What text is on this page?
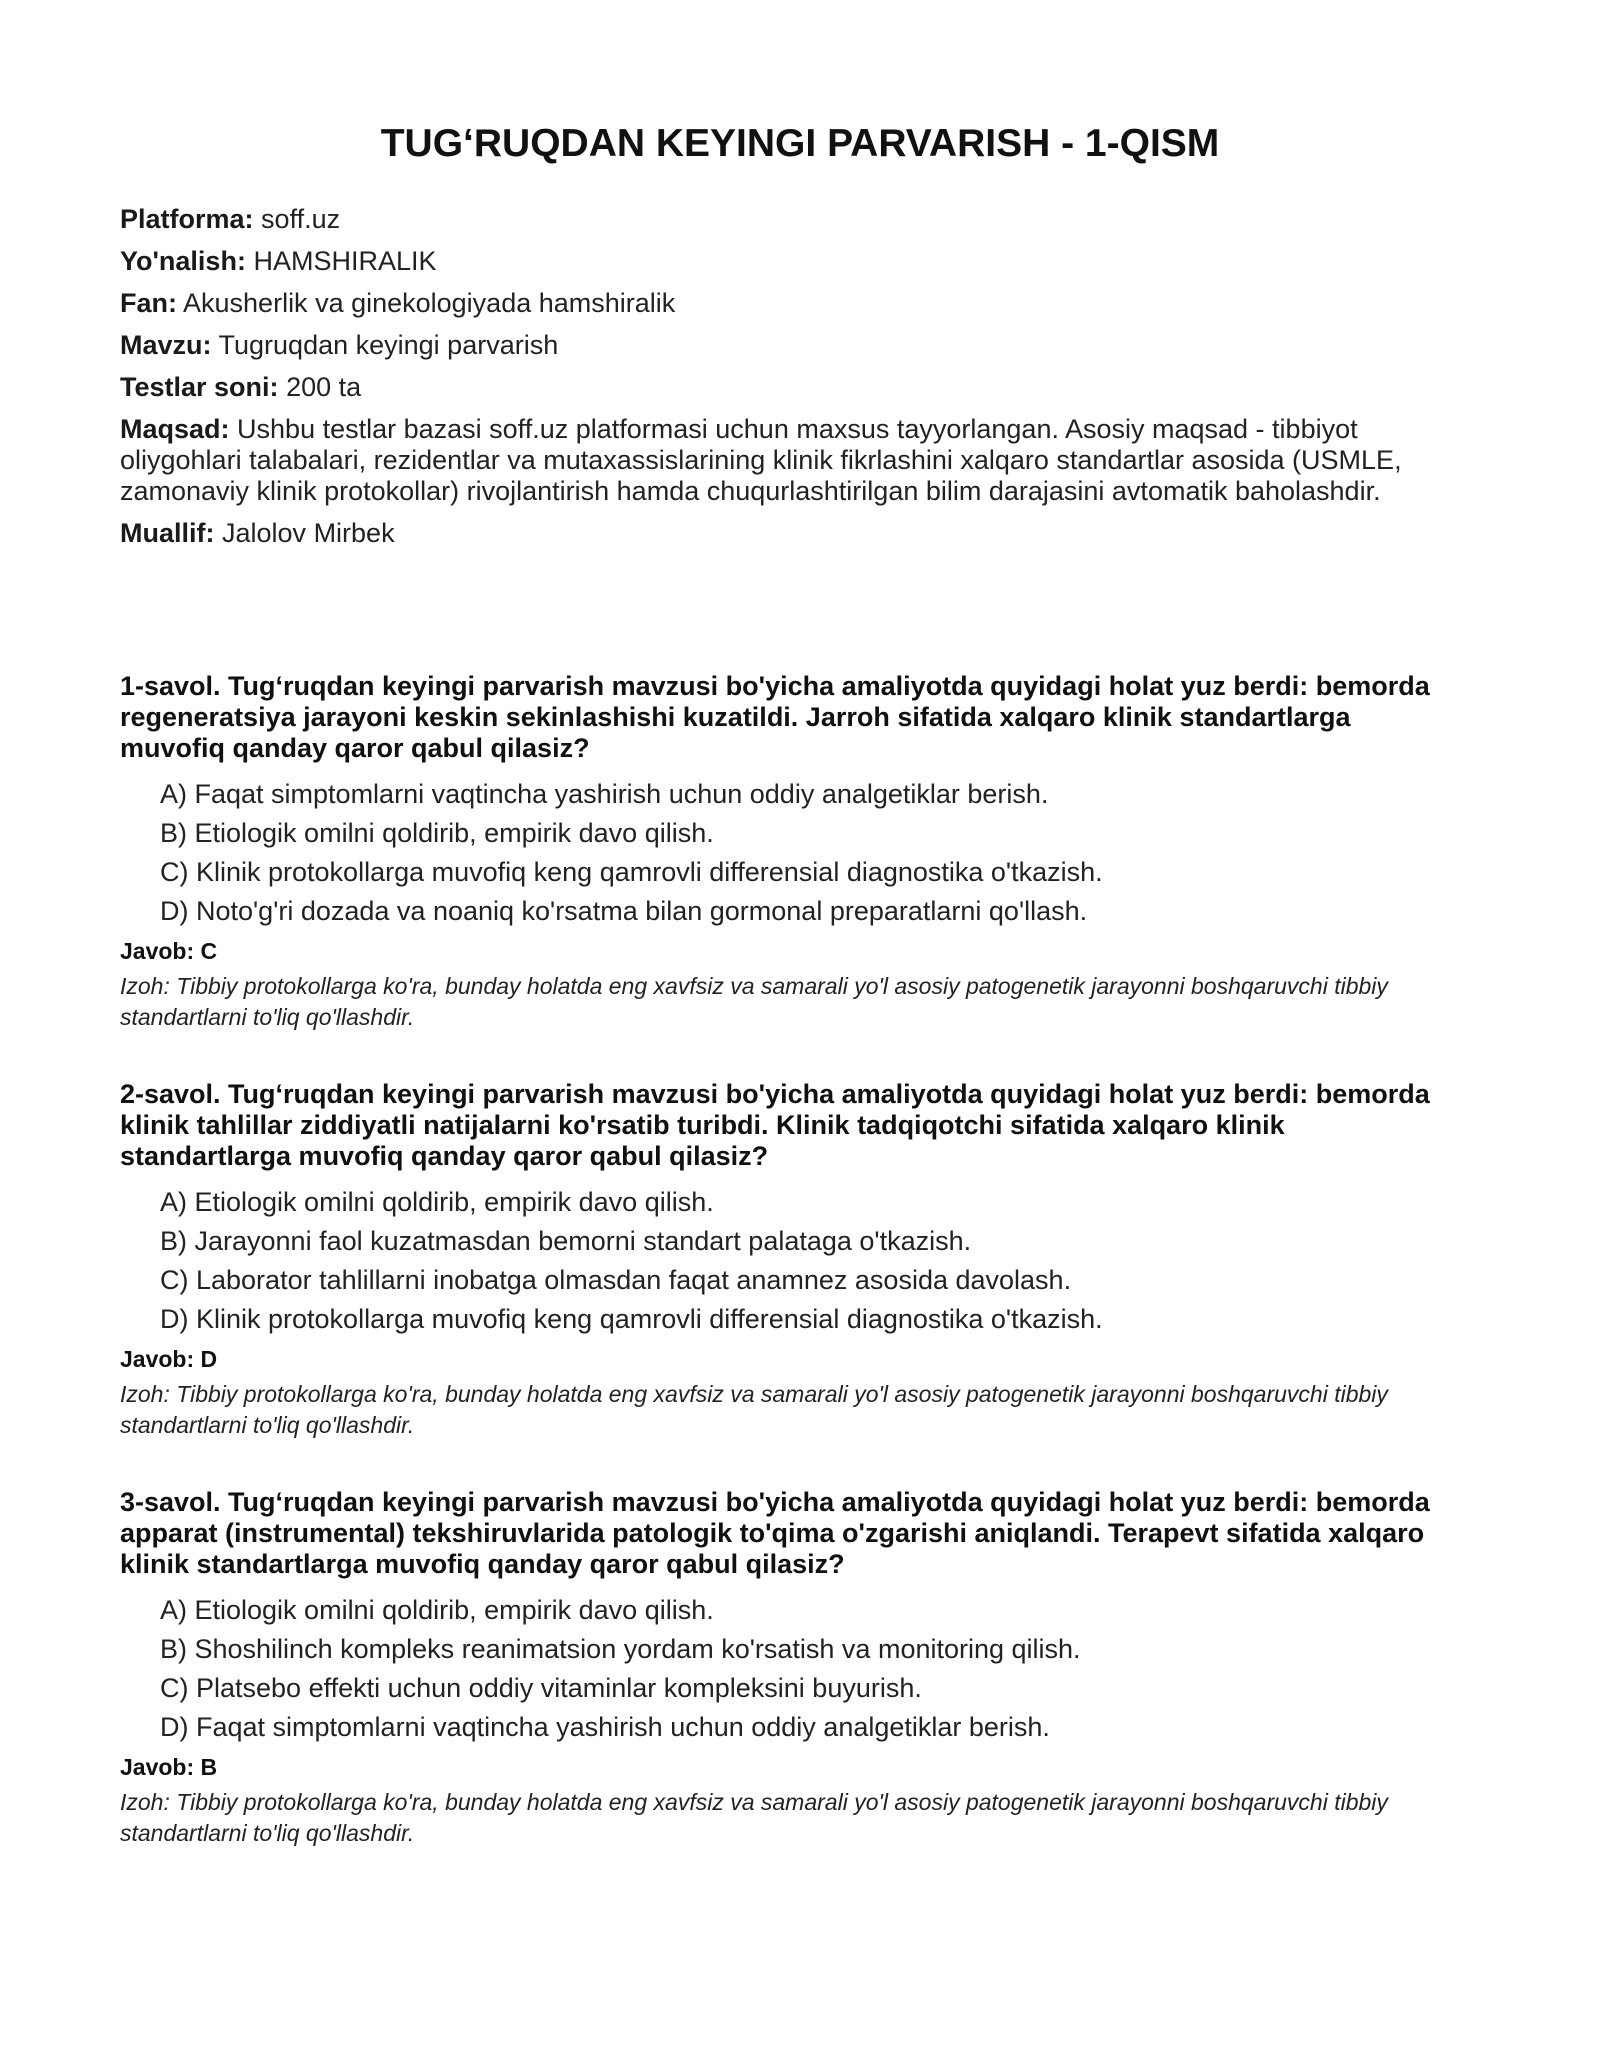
TUG‘RUQDAN KEYINGI PARVARISH - 1-QISM
Platforma: soff.uz
Yo'nalish: HAMSHIRALIK
Fan: Akusherlik va ginekologiyada hamshiralik
Mavzu: Tugruqdan keyingi parvarish
Testlar soni: 200 ta
Maqsad: Ushbu testlar bazasi soff.uz platformasi uchun maxsus tayyorlangan. Asosiy maqsad - tibbiyot oliygohlari talabalari, rezidentlar va mutaxassislarining klinik fikrlashini xalqaro standartlar asosida (USMLE, zamonaviy klinik protokollar) rivojlantirish hamda chuqurlashtirilgan bilim darajasini avtomatik baholashdir.
Muallif: Jalolov Mirbek

1-savol. Tug‘ruqdan keyingi parvarish mavzusi bo'yicha amaliyotda quyidagi holat yuz berdi: bemorda regeneratsiya jarayoni keskin sekinlashishi kuzatildi. Jarroh sifatida xalqaro klinik standartlarga muvofiq qanday qaror qabul qilasiz?

A) Faqat simptomlarni vaqtincha yashirish uchun oddiy analgetiklar berish.
B) Etiologik omilni qoldirib, empirik davo qilish.
C) Klinik protokollarga muvofiq keng qamrovli differensial diagnostika o'tkazish.
D) Noto'g'ri dozada va noaniq ko'rsatma bilan gormonal preparatlarni qo'llash.
Javob: C
Izoh: Tibbiy protokollarga ko'ra, bunday holatda eng xavfsiz va samarali yo'l asosiy patogenetik jarayonni boshqaruvchi tibbiy standartlarni to'liq qo'llashdir.

2-savol. Tug‘ruqdan keyingi parvarish mavzusi bo'yicha amaliyotda quyidagi holat yuz berdi: bemorda klinik tahlillar ziddiyatli natijalarni ko'rsatib turibdi. Klinik tadqiqotchi sifatida xalqaro klinik standartlarga muvofiq qanday qaror qabul qilasiz?

A) Etiologik omilni qoldirib, empirik davo qilish.
B) Jarayonni faol kuzatmasdan bemorni standart palataga o'tkazish.
C) Laborator tahlillarni inobatga olmasdan faqat anamnez asosida davolash.
D) Klinik protokollarga muvofiq keng qamrovli differensial diagnostika o'tkazish.
Javob: D
Izoh: Tibbiy protokollarga ko'ra, bunday holatda eng xavfsiz va samarali yo'l asosiy patogenetik jarayonni boshqaruvchi tibbiy standartlarni to'liq qo'llashdir.

3-savol. Tug‘ruqdan keyingi parvarish mavzusi bo'yicha amaliyotda quyidagi holat yuz berdi: bemorda apparat (instrumental) tekshiruvlarida patologik to'qima o'zgarishi aniqlandi. Terapevt sifatida xalqaro klinik standartlarga muvofiq qanday qaror qabul qilasiz?

A) Etiologik omilni qoldirib, empirik davo qilish.
B) Shoshilinch kompleks reanimatsion yordam ko'rsatish va monitoring qilish.
C) Platsebo effekti uchun oddiy vitaminlar kompleksini buyurish.
D) Faqat simptomlarni vaqtincha yashirish uchun oddiy analgetiklar berish.
Javob: B
Izoh: Tibbiy protokollarga ko'ra, bunday holatda eng xavfsiz va samarali yo'l asosiy patogenetik jarayonni boshqaruvchi tibbiy standartlarni to'liq qo'llashdir.
